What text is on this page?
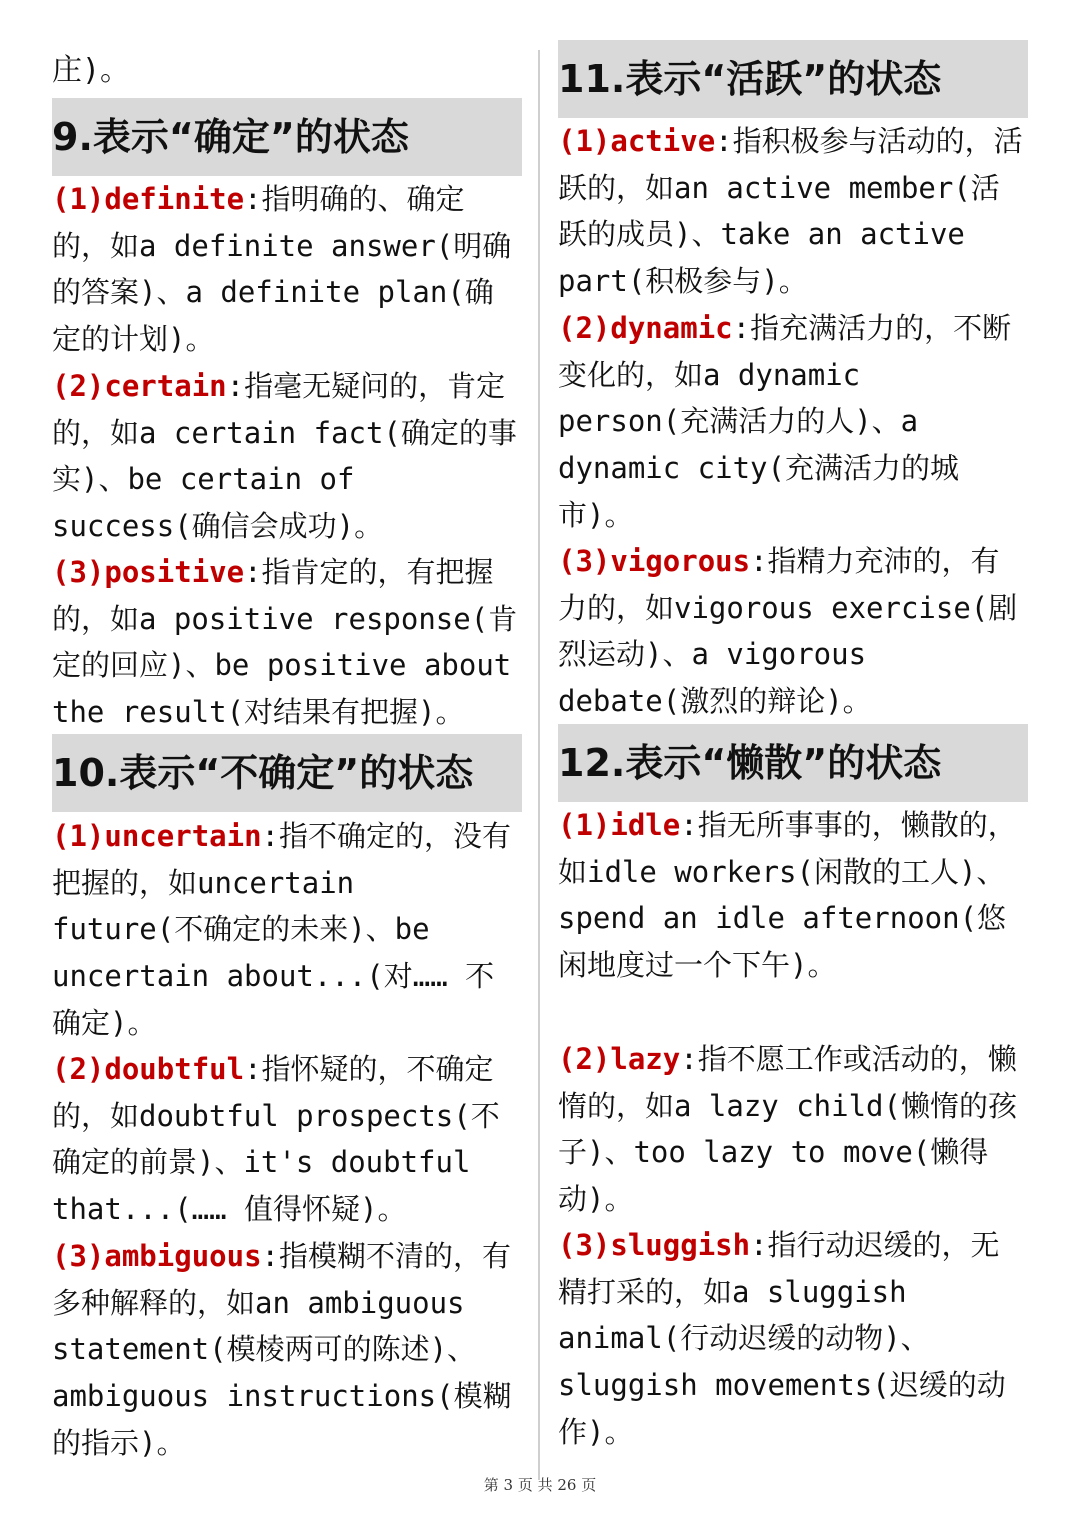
庄)。
9.表示“确定”的状态
(1)definite:指明确的、确定的，如a definite answer(明确的答案)、a definite plan(确定的计划)。
(2)certain:指毫无疑问的，肯定的，如a certain fact(确定的事实)、be certain of success(确信会成功)。
(3)positive:指肯定的，有把握的，如a positive response(肯定的回应)、be positive about the result(对结果有把握)。
10.表示“不确定”的状态
(1)uncertain:指不确定的，没有把握的，如uncertain future(不确定的未来)、be uncertain about...(对…… 不确定)。
(2)doubtful:指怀疑的，不确定的，如doubtful prospects(不确定的前景)、it's doubtful that...(…… 值得怀疑)。
(3)ambiguous:指模糊不清的，有多种解释的，如an ambiguous statement(模棱两可的陈述)、ambiguous instructions(模糊的指示)。
11.表示“活跃”的状态
(1)active:指积极参与活动的，活跃的，如an active member(活跃的成员)、take an active part(积极参与)。
(2)dynamic:指充满活力的，不断变化的，如a dynamic person(充满活力的人)、a dynamic city(充满活力的城市)。
(3)vigorous:指精力充沛的，有力的，如vigorous exercise(剧烈运动)、a vigorous debate(激烈的辩论)。
12.表示“懒散”的状态
(1)idle:指无所事事的，懒散的，如idle workers(闲散的工人)、spend an idle afternoon(悠闲地度过一个下午)。
(2)lazy:指不愿工作或活动的，懒惰的，如a lazy child(懒惰的孩子)、too lazy to move(懒得动)。
(3)sluggish:指行动迟缓的，无精打采的，如a sluggish animal(行动迟缓的动物)、sluggish movements(迟缓的动作)。
第 3 页 共 26 页
